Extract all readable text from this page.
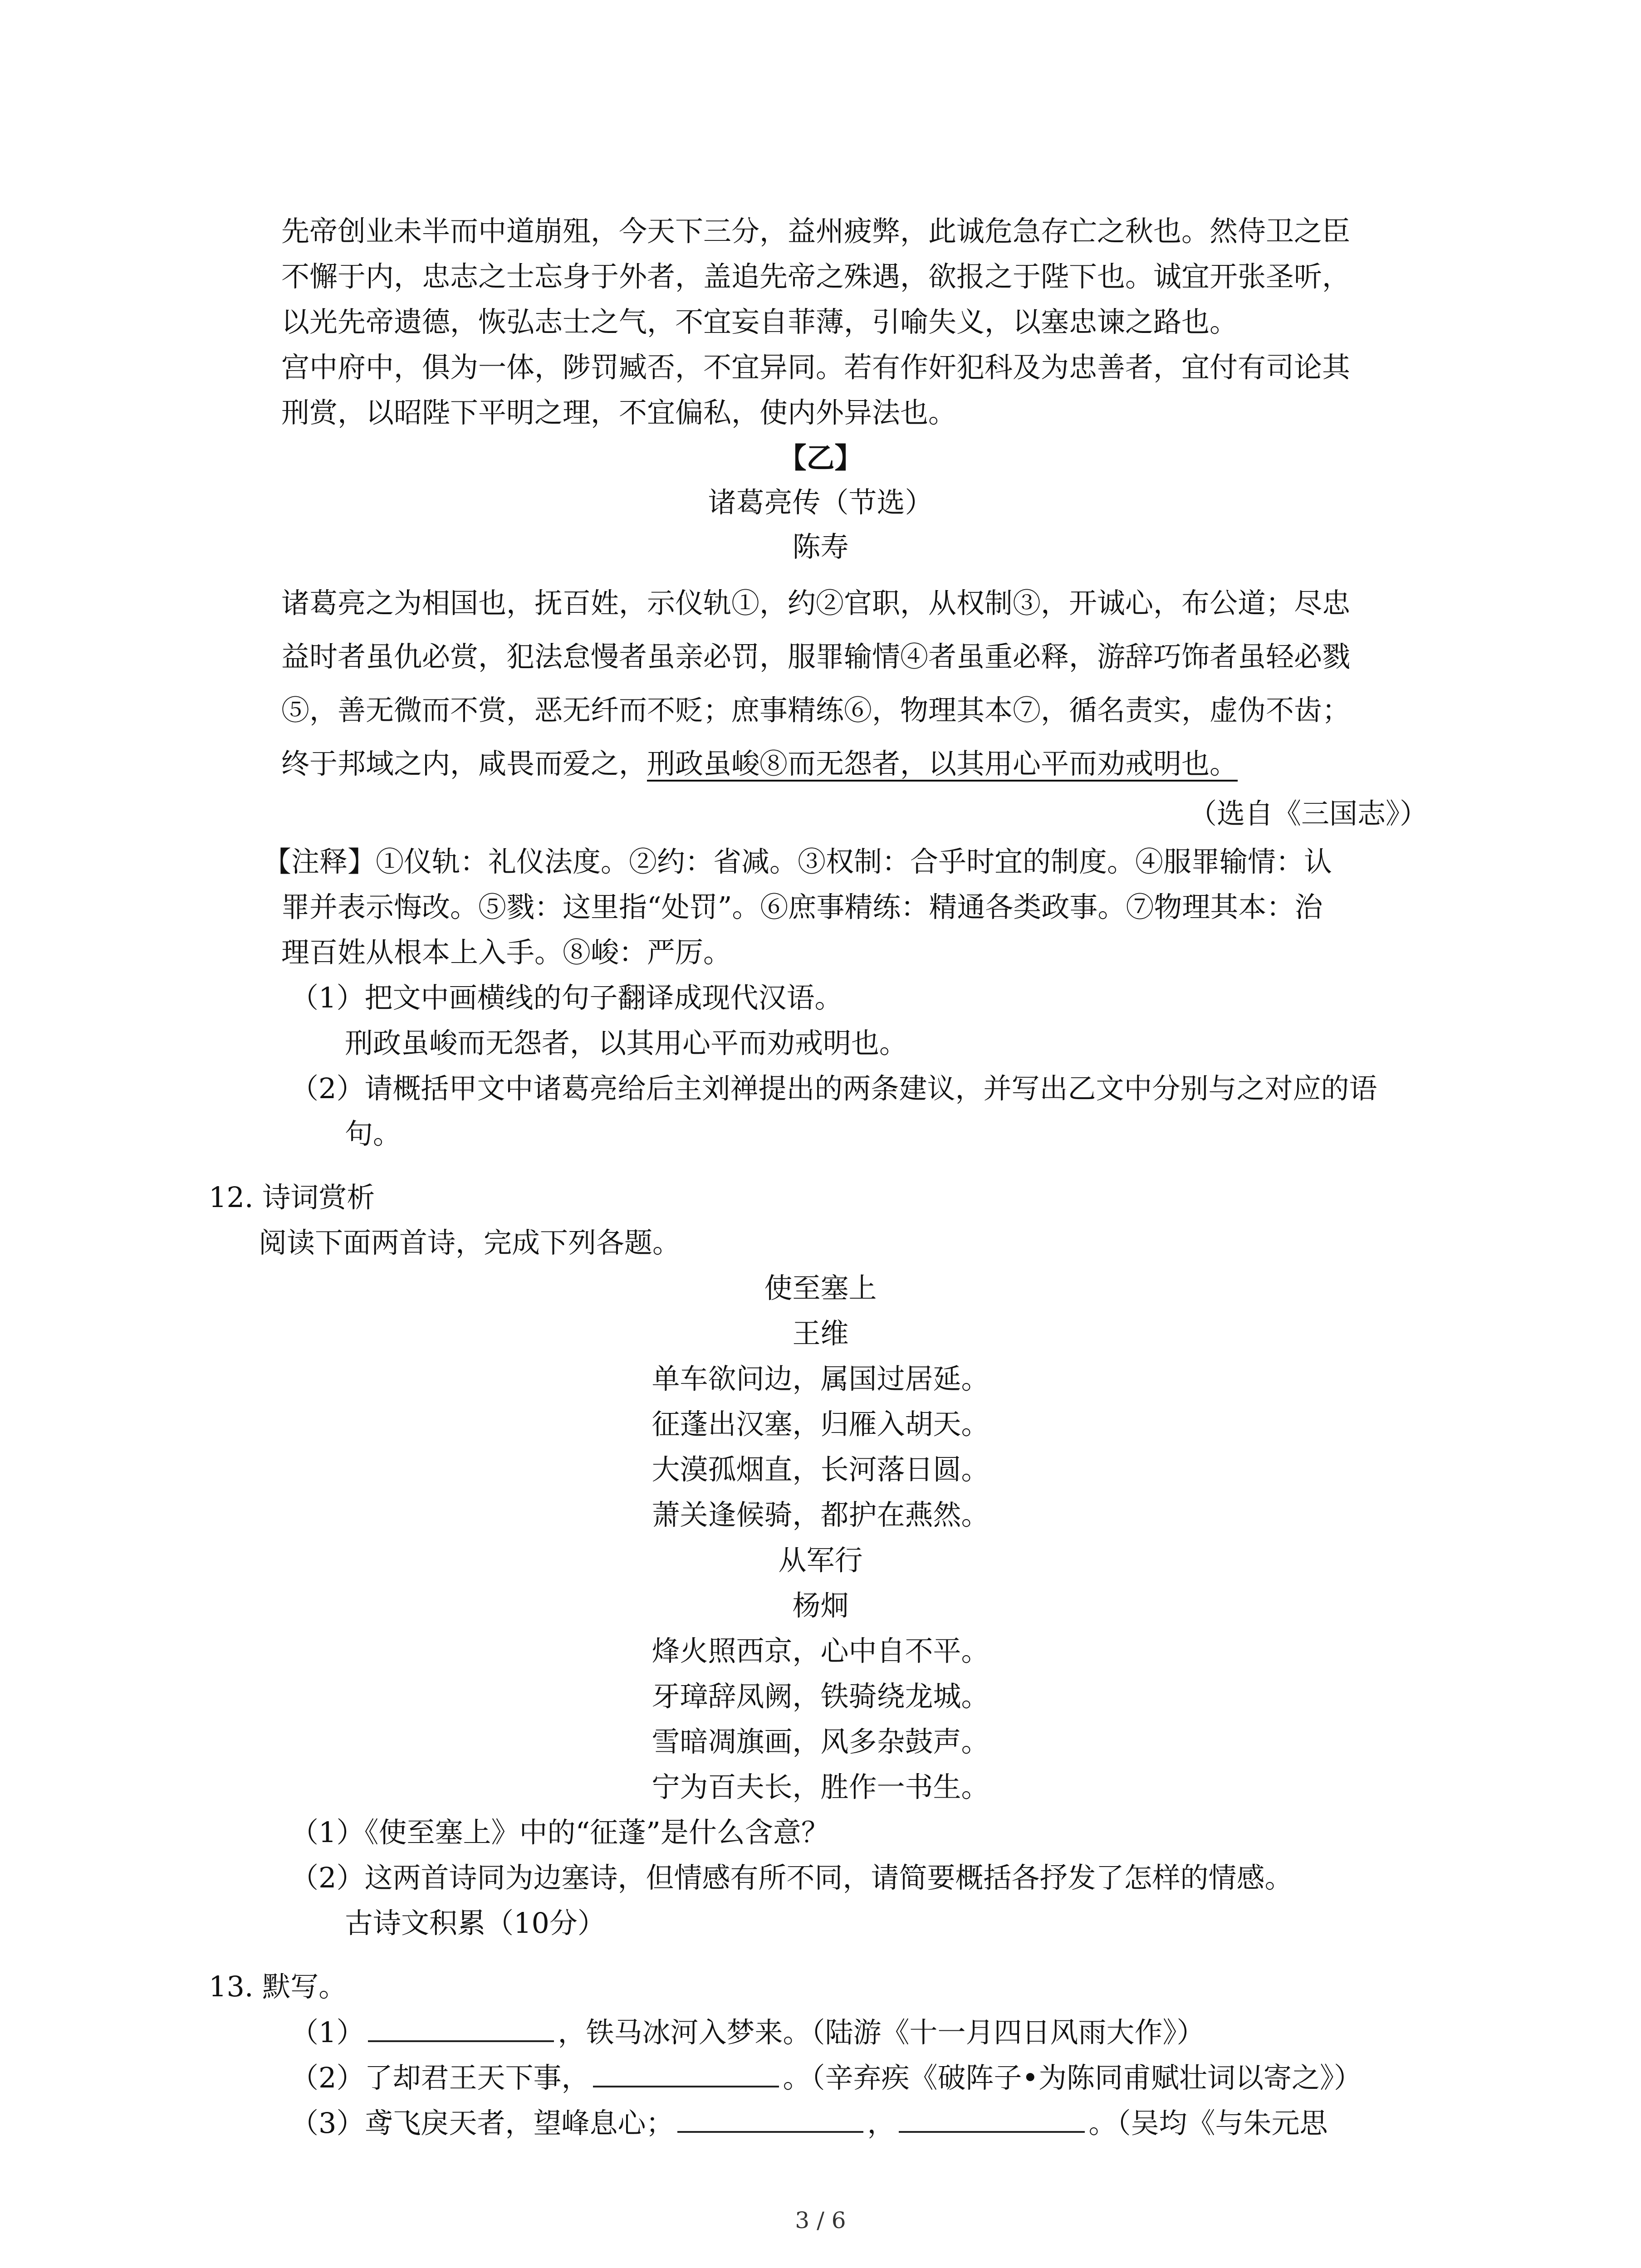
先帝创业未半而中道崩殂，今天下三分，益州疲弊，此诚危急存亡之秋也。然侍卫之臣
不懈于内，忠志之士忘身于外者，盖追先帝之殊遇，欲报之于陛下也。诚宜开张圣听，
以光先帝遗德，恢弘志士之气，不宜妄自菲薄，引喻失义，以塞忠谏之路也。
宫中府中，俱为一体，陟罚臧否，不宜异同。若有作奸犯科及为忠善者，宜付有司论其
刑赏，以昭陛下平明之理，不宜偏私，使内外异法也。
【乙】
诸葛亮传（节选）
陈寿
诸葛亮之为相国也，抚百姓，示仪轨①，约②官职，从权制③，开诚心，布公道；尽忠
益时者虽仇必赏，犯法怠慢者虽亲必罚，服罪输情④者虽重必释，游辞巧饰者虽轻必戮
⑤，善无微而不赏，恶无纤而不贬；庶事精练⑥，物理其本⑦，循名责实，虚伪不齿；
终于邦域之内，咸畏而爱之，刑政虽峻⑧而无怨者，以其用心平而劝戒明也。
（选自《三国志》）
【注释】①仪轨：礼仪法度。②约：省减。③权制：合乎时宜的制度。④服罪输情：认
罪并表示悔改。⑤戮：这里指“处罚”。⑥庶事精练：精通各类政事。⑦物理其本：治
理百姓从根本上入手。⑧峻：严厉。
（1）把文中画横线的句子翻译成现代汉语。
刑政虽峻而无怨者，以其用心平而劝戒明也。
（2）请概括甲文中诸葛亮给后主刘禅提出的两条建议，并写出乙文中分别与之对应的语
句。
12. 诗词赏析
阅读下面两首诗，完成下列各题。
使至塞上
王维
单车欲问边，属国过居延。
征蓬出汉塞，归雁入胡天。
大漠孤烟直，长河落日圆。
萧关逢候骑，都护在燕然。
从军行
杨炯
烽火照西京，心中自不平。
牙璋辞凤阙，铁骑绕龙城。
雪暗凋旗画，风多杂鼓声。
宁为百夫长，胜作一书生。
（1）《使至塞上》中的“征蓬”是什么含意？
（2）这两首诗同为边塞诗，但情感有所不同，请简要概括各抒发了怎样的情感。
古诗文积累（10分）
13. 默写。
（1）	，铁马冰河入梦来。（陆游《十一月四日风雨大作》）
（2）了却君王天下事，	。（辛弃疾《破阵子•为陈同甫赋壮词以寄之》）
（3）鸢飞戾天者，望峰息心；	，	。（吴均《与朱元思
3 / 6
